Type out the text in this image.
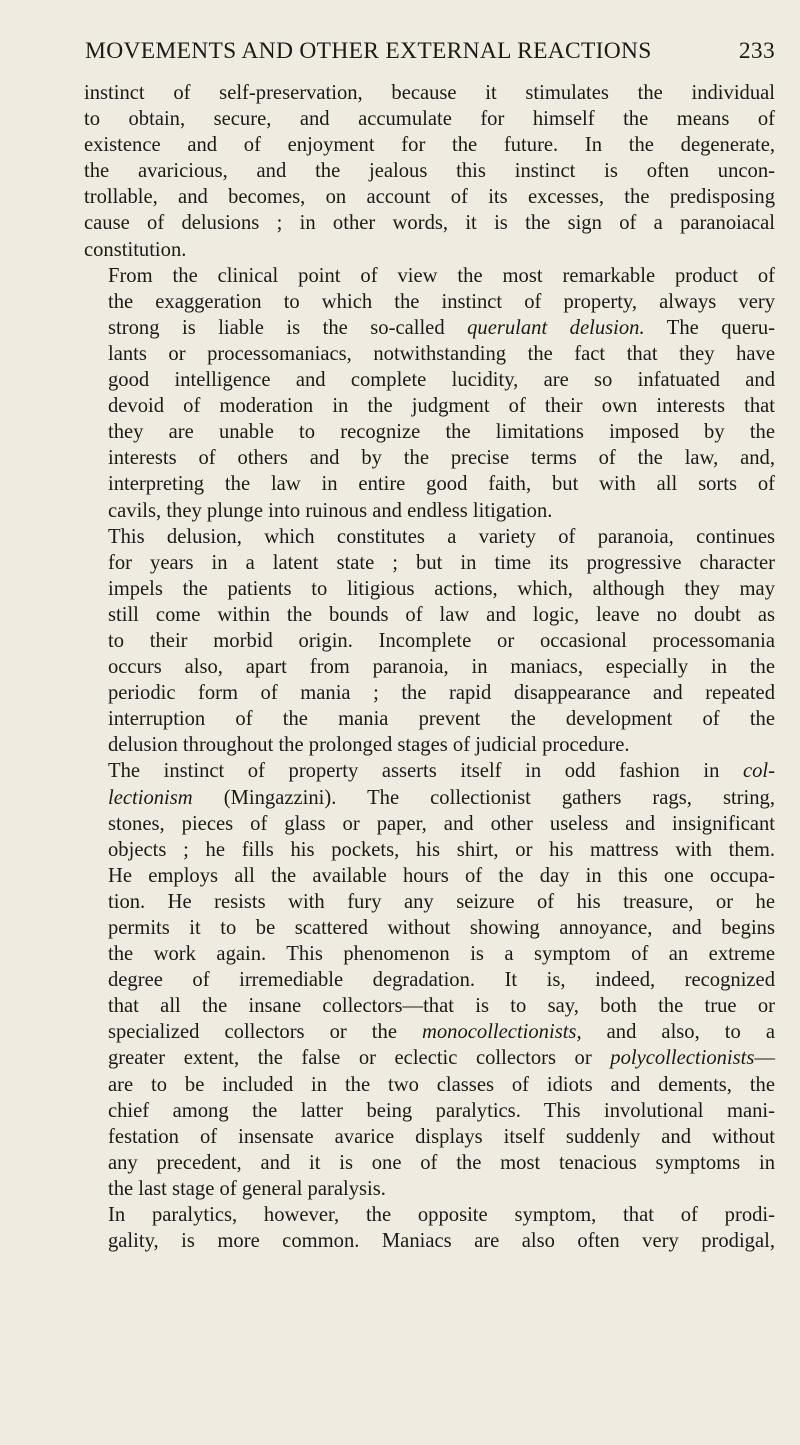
MOVEMENTS AND OTHER EXTERNAL REACTIONS	233

instinct of self-preservation, because it stimulates the individual
to obtain, secure, and accumulate for himself the means of
existence and of enjoyment for the future. In the degenerate,
the avaricious, and the jealous this instinct is often uncon-
trollable, and becomes, on account of its excesses, the predisposing
cause of delusions ; in other words, it is the sign of a paranoiacal
constitution.

From the clinical point of view the most remarkable product of
the exaggeration to which the instinct of property, always very
strong is liable is the so-called querulant delusion. The queru-
lants or processomaniacs, notwithstanding the fact that they have
good intelligence and complete lucidity, are so infatuated and
devoid of moderation in the judgment of their own interests that
they are unable to recognize the limitations imposed by the
interests of others and by the precise terms of the law, and,
interpreting the law in entire good faith, but with all sorts of
cavils, they plunge into ruinous and endless litigation.

This delusion, which constitutes a variety of paranoia, continues
for years in a latent state ; but in time its progressive character
impels the patients to litigious actions, which, although they may
still come within the bounds of law and logic, leave no doubt as
to their morbid origin. Incomplete or occasional processomania
occurs also, apart from paranoia, in maniacs, especially in the
periodic form of mania ; the rapid disappearance and repeated
interruption of the mania prevent the development of the
delusion throughout the prolonged stages of judicial procedure.

The instinct of property asserts itself in odd fashion in col-
lectionism (Mingazzini). The collectionist gathers rags, string,
stones, pieces of glass or paper, and other useless and insignificant
objects ; he fills his pockets, his shirt, or his mattress with them.
He employs all the available hours of the day in this one occupa-
tion. He resists with fury any seizure of his treasure, or he
permits it to be scattered without showing annoyance, and begins
the work again. This phenomenon is a symptom of an extreme
degree of irremediable degradation. It is, indeed, recognized
that all the insane collectors—that is to say, both the true or
specialized collectors or the monocollectionists, and also, to a
greater extent, the false or eclectic collectors or polycollectionists—
are to be included in the two classes of idiots and dements, the
chief among the latter being paralytics. This involutional mani-
festation of insensate avarice displays itself suddenly and without
any precedent, and it is one of the most tenacious symptoms in
the last stage of general paralysis.

In paralytics, however, the opposite symptom, that of prodi-
gality, is more common. Maniacs are also often very prodigal,
